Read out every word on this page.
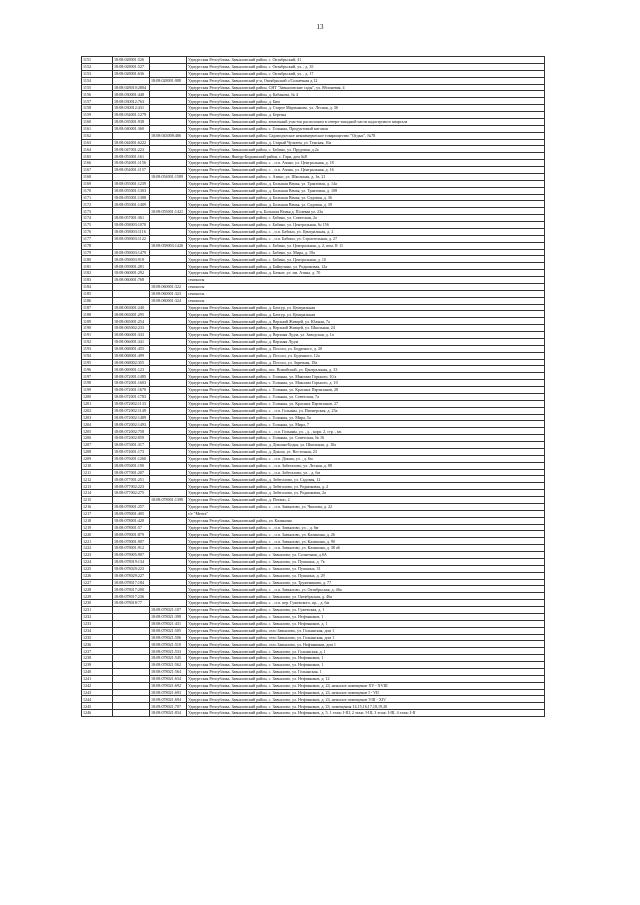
13
1151	18:08:028001:526		Удмуртская Республика, Завьяловский район, с. Октябрьский, 41
1152	18:08:028001:527		Удмуртская Республика, Завьяловский район, с. Октябрьский, ул. , д. 35
1153	18:08:028001:636		Удмуртская Республика, Завьяловский район, с. Октябрьский, ул. , д. 17
1154		18:08:028001:988	Удмуртская Республика, Завьяловский р-н, Октябрьский с/Солнечная д.12
1155	18:08:028010:2804		Удмуртская Республика, Завьяловский район, СНТ "Завьяловские сады", ул. Яблоневая, 4
1156	18:08:030001:448		Удмуртская Республика, Завьяловский район, д. Кабанова, № 4
1157	18:08:030012:763		Удмуртская Республика, Завьяловский район, д. Бим
1158	18:08:030012:431		Удмуртская Республика, Завьяловский район, д. Старое Мартьяново, ул. Лесная, д. 36
1159	18:08:034001:1279		Удмуртская Республика, Завьяловский район, д. Березка
1160	18:08:035001:938		Удмуртская Республика, Завьяловский район, земельный участок расположен в северо-западной части кадастрового квартала
1161	18:08:040001:360		Удмуртская Республика, Завьяловский район, с. Гольяны, Продуктовый магазин
1162		18:08:043008:486	Удмуртская Республика, Завьяловский район, Садоводческое некоммерческое товарищество "Отдых", №78
1163	18:08:044001:6222		Удмуртская Республика, Завьяловский район, д. Старый Чультем, ул. Тенская, 16а
1164	18:08:047001:223		Удмуртская Республика, Завьяловский район, с. Бабино, ул. Прудовая, д.2а
1165	18:08:053001:161		Удмуртская Республика, Якшур-Бодьинский район, с. Гарн, дом №8
1166	18:08:054001:1156		Удмуртская Республика, Завьяловский район, с. , п.п. Азино, ул. Центральная, д. 18
1167	18:08:054001:1157		Удмуртская Республика, Завьяловский район, с. , п.п. Азино, ул. Центральная, д. 16
1168		18:08:054001:1589	Удмуртская Республика, Завьяловский район, с. Азино, ул. Школьная, д. 1в, 21
1169	18:08:055001:1239		Удмуртская Республика, Завьяловский район, д. Большая Венья, ул. Трактовая, д. 14а
1170	18:08:055001:1303		Удмуртская Республика, Завьяловский район, д. Большая Венья, ул. Трактовая, д. 108
1171	18:08:055001:1388		Удмуртская Республика, Завьяловский район, д. Большая Венья, ул. Садовая, д. 36
1172	18:08:055001:1409		Удмуртская Республика, Завьяловский район, д. Большая Венья, ул. Садовая, д. 39
1173		18:08:055001:1421	Удмуртская Республика, Завьяловский р-н, Большая Венья д. Полевая ул. 23а
1174	18:08:057001:361		Удмуртская Республика, Завьяловский район, с. Бабино, ул. Советская, 2а
1175	18:08:058003:1070		Удмуртская Республика, Завьяловский район, с. Бабино, ул. Центральная, № 156
1176	18:08:058003:1116		Удмуртская Республика, Завьяловский район, с. , п.п. Бабино, ул. Центральная, д. 2
1177	18:08:058003:1122		Удмуртская Республика, Завьяловский район, с. , п.п. Бабино, ул. Строительная, д. 27
1178		18:08:058003:1426	Удмуртская Республика, Завьяловский район, с. Бабино, ул. Центральная, д. 2, пом. 8- 11
1179	18:08:058003:1479		Удмуртская Республика, Завьяловский район, с. Бабино, ул. Мира, д. 19а
1180	18:08:058003:918		Удмуртская Республика, Завьяловский район, с. Бабино, ул. Центральная, д. 10
1181	18:08:059001:281		Удмуртская Республика, Завьяловский район, д. Байкузино, ул. Родниковая, 12а
1182	18:08:060001:292		Удмуртская Республика, Завьяловский район, д. Бачкое, ул. им. Азина, д. 70
1183	18:08:060001:768		сенокосы
1184		18:08:060001:322	сенокосы
1185		18:08:060001:323	сенокосы
1186		18:08:060001:324	сенокосы
1187	18:08:063001:240		Удмуртская Республика, Завьяловский район, д. Бахтур, ул. Центральная
1188	18:08:063001:295		Удмуртская Республика, Завьяловский район, д. Бахтур, ул. Центральная
1189	18:08:065001:254		Удмуртская Республика, Завьяловский район, д. Верхний Живцей, ул. Южная, 7а
1190	18:08:065002:233		Удмуртская Республика, Завьяловский район, д. Верхний Живцей, ул. Школьная, 24
1191	18:08:066001:333		Удмуртская Республика, Завьяловский район, д. Верхняя Лудза, ул. Заводская, д. 1а
1192	18:08:066001:341		Удмуртская Республика, Завьяловский район, д. Верхняя Лудза
1193	18:08:068001:455		Удмуртская Республика, Завьяловский район, д. Посоол, ул. Бодреного, д. 20
1194	18:08:068001:499		Удмуртская Республика, Завьяловский район, д. Посоол, ул. Буденного, 12а
1195	18:08:068002:355		Удмуртская Республика, Завьяловский район, д. Посоол, ул. Заречная, 18а
1196	18:08:069001:123		Удмуртская Республика, Завьяловский район, пос. Вожойский, ул. Центральная, д. 33
1197	18:08:072001:1485		Удмуртская Республика, Завьяловский район, с. Гольяны, ул. Максима Горького, 10 а
1198	18:08:072001:1603		Удмуртская Республика, Завьяловский район, с. Гольяны, ул. Максима Горького, д. 10
1199	18:08:072001:1670		Удмуртская Республика, Завьяловский район, с. Гольяны, ул. Красных Партизанов, 28
1200	18:08:072001:1783		Удмуртская Республика, Завьяловский район, с. Гольяны, ул. Советская, 7а
1201	18:08:072002:1133		Удмуртская Республика, Завьяловский район, с. Гольяны, ул. Красных Партизанов, 27
1202	18:08:072002:1149		Удмуртская Республика, Завьяловский район, с. , п.п. Гольяны, ул. Пионерская, д. 25а
1203	18:08:072002:1489		Удмуртская Республика, Завьяловский район, с. Гольяны, ул. Мира, 5а
1204	18:08:072002:1493		Удмуртская Республика, Завьяловский район, с. Гольяны, ул. Мира, 7
1205	18:08:072002:758		Удмуртская Республика, Завьяловский район, с. , п.п. Гольяны, ул. , д. , корп. 2, стр. , кв.
1206	18:08:072002:859		Удмуртская Республика, Завьяловский район, с. Гольяны, ул. Советская, № 16
1207	18:08:073001:317		Удмуртская Республика, Завьяловский район, д. Докшан-Бодья, ул. Школьная, д. 10а
1208	18:08:074001:173		Удмуртская Республика, Завьяловский район, д. Докша, ул. Восточная, 23
1209	18:08:076001:1260		Удмуртская Республика, Завьяловский район, с. , п.п. Докша, ул. , д. 6м
1210	18:08:076001:190		Удмуртская Республика, Завьяловский район, с. , п.п. Забегалово, ул. Лесная, д. 88
1211	18:08:077001:207		Удмуртская Республика, Завьяловский район, с. , п.п. Забегалово, ул. , д. 6м
1212	18:08:077001:251		Удмуртская Республика, Завьяловский район, д. Забегалово, ул. Садовая, 12
1213	18:08:077002:223		Удмуртская Республика, Завьяловский район, д. Забегалово, ул. Родниковая, д. 2
1214	18:08:077002:275		Удмуртская Республика, Завьяловский район, д. Забегалово, ул. Родниковая, 2а
1215		18:08:078001:1398	Удмуртская Республика, Завьяловский район, д. Потано, 2
1216	18:08:078001:257		Удмуртская Республика, Завьяловский район, с. , п.п. Завьялово, ул. Чкалова, д. 22
1217	18:08:078001:405		с/т "Мечта"
1218	18:08:078001:428		Удмуртская Республика, Завьяловский район, ул. Калинина
1219	18:08:078001:57		Удмуртская Республика, Завьяловский район, с. , п.п. Завьялово, ул. , д. 6м
1220	18:08:078001:879		Удмуртская Республика, Завьяловский район, с. , п.п. Завьялово, ул. Калинина, д. 26
1221	18:08:078001:907		Удмуртская Республика, Завьяловский район, с. , п.п. Завьялово, ул. Калинина, д. 90
1222	18:08:078001:912		Удмуртская Республика, Завьяловский район, с. , п.п. Завьялово, ул. Калинина, д. 38 а6
1223	18:08:078005:907		Удмуртская Республика, Завьяловский район, с. Завьялово, ул. Солнечная, д.6А
1224	18:08:078019:134		Удмуртская Республика, Завьяловский район, с. Завьялово, ул. Пушкина, д. 7в
1225	18:08:078029:223		Удмуртская Республика, Завьяловский район, с. Завьялово, ул. Пушкина, 31
1226	18:08:078029:227		Удмуртская Республика, Завьяловский район, с. Завьялово, ул. Пушкина, д. 29
1227	18:08:078017:184		Удмуртская Республика, Завьяловский район, с. Завьялово, ул. Труженикова, д. 77
1228	18:08:078017:200		Удмуртская Республика, Завьяловский район, с. , п.п. Завьялово, ул. Октябрьская, д. 46а
1229	18:08:078017:236		Удмуртская Республика, Завьяловский район, с. Завьялово, ул. Октябрьская, д. 46а
1230	18:08:078018:77		Удмуртская Республика, Завьяловский район, с. , п.п. пер. Гужевского, пр. , д. 6м
1231		18:08:078021:107	Удмуртская Республика, Завьяловский район, с. Завьялово, ул. Гужевская, д. 1
1232		18:08:078021:398	Удмуртская Республика, Завьяловский район, с. Завьялово, ул. Нефтяников, 1
1233		18:08:078021:431	Удмуртская Республика, Завьяловский район, с. Завьялово, ул. Нефтяников, д. 1
1234		18:08:078021:505	Удмуртская Республика, Завьяловский район, село Завьялово, ул. Гольянская, дом 1
1235		18:08:078021:506	Удмуртская Республика, Завьяловский район, село Завьялово, ул. Гольянская, дом 1
1236		18:08:078021:510	Удмуртская Республика, Завьяловский район, село Завьялово, ул. Нефтяников, дом 1
1237		18:08:078021:533	Удмуртская Республика, Завьяловский район, с. Завьялово, ул. Гольянская, д. 1
1238		18:08:078021:545	Удмуртская Республика, Завьяловский район, с. Завьялово, ул. Нефтяников, 1
1239		18:08:078021:562	Удмуртская Республика, Завьяловский район, с. Завьялово, ул. Нефтяников, 1
1240		18:08:078021:564	Удмуртская Республика, Завьяловский район, с. Завьялово, ул. Гольянская, 1
1241		18:08:078021:634	Удмуртская Республика, Завьяловский район, с. Завьялово, ул. Нефтяников, д. 12
1242		18:08:078021:692	Удмуртская Республика, Завьяловский район, с. Завьялово, ул. Нефтяников, д. 23, нежилое помещение XV - XVIII
1243		18:08:078021:693	Удмуртская Республика, Завьяловский район, с. Завьялово, ул. Нефтяников, д. 23, нежилое помещение I - VII
1244		18:08:078021:694	Удмуртская Республика, Завьяловский район, с. Завьялово, ул. Нефтяников, д. 23, нежилое помещение VIII - XIV
1245		18:08:078021:707	Удмуртская Республика, Завьяловский район, с. Завьялово, ул. Нефтяников, д. 23, помещения 14,15,16,17,18,19,20
1246		18:08:078021:834	Удмуртская Республика, Завьяловский район, с. Завьялово, ул. Нефтяников, д. 5, 1 этаж: I-III, 2 этаж: I-III, 3 этаж: I-III, 4 этаж: I-II
